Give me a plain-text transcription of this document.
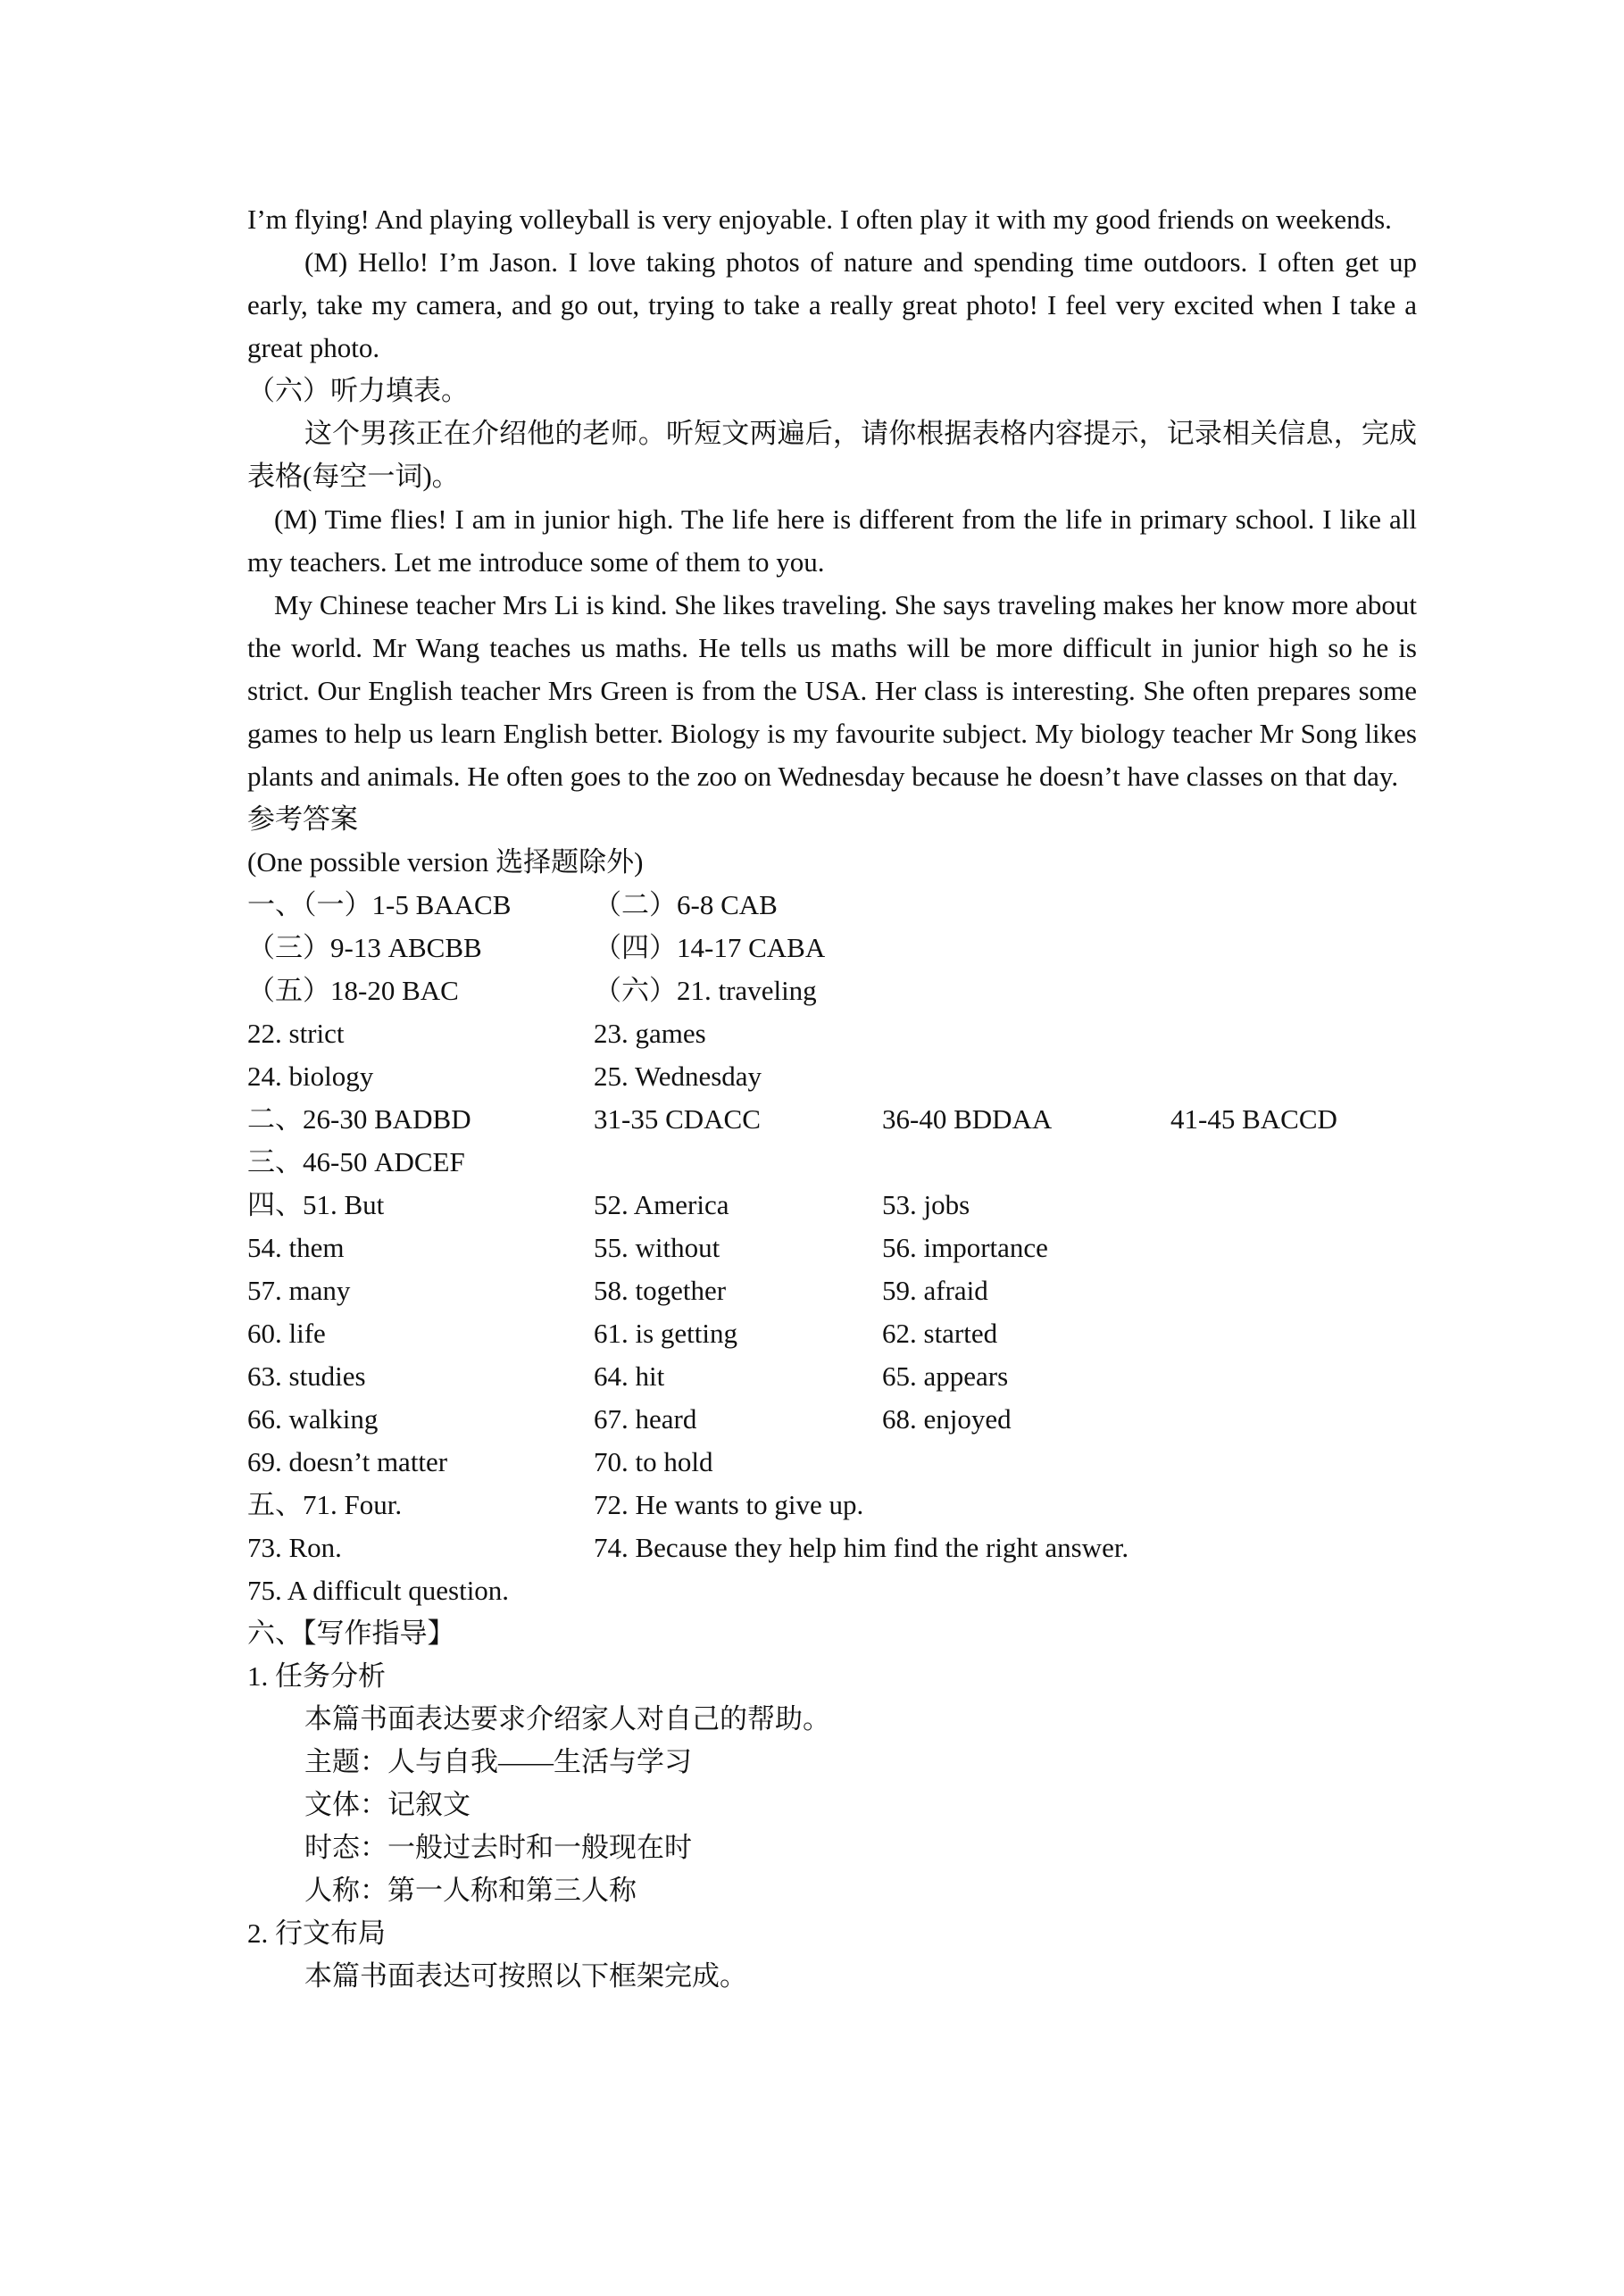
I’m flying! And playing volleyball is very enjoyable. I often play it with my good friends on weekends.

(M) Hello! I’m Jason. I love taking photos of nature and spending time outdoors. I often get up early, take my camera, and go out, trying to take a really great photo! I feel very excited when I take a great photo.

（六）听力填表。

这个男孩正在介绍他的老师。听短文两遍后，请你根据表格内容提示，记录相关信息，完成表格(每空一词)。

(M) Time flies! I am in junior high. The life here is different from the life in primary school. I like all my teachers. Let me introduce some of them to you.

My Chinese teacher Mrs Li is kind. She likes traveling. She says traveling makes her know more about the world. Mr Wang teaches us maths. He tells us maths will be more difficult in junior high so he is strict. Our English teacher Mrs Green is from the USA. Her class is interesting. She often prepares some games to help us learn English better. Biology is my favourite subject. My biology teacher Mr Song likes plants and animals. He often goes to the zoo on Wednesday because he doesn’t have classes on that day.

参考答案

(One possible version 选择题除外)

一、（一）1-5 BAACB	（二）6-8 CAB
（三）9-13 ABCBB	（四）14-17 CABA
（五）18-20 BAC	（六）21. traveling
22. strict	23. games
24. biology	25. Wednesday
二、26-30 BADBD	31-35 CDACC	36-40 BDDAA	41-45 BACCD
三、46-50 ADCEF
四、51. But	52. America	53. jobs
54. them	55. without	56. importance
57. many	58. together	59. afraid
60. life	61. is getting	62. started
63. studies	64. hit	65. appears
66. walking	67. heard	68. enjoyed
69. doesn’t matter	70. to hold
五、71. Four.	72. He wants to give up.
73. Ron.	74. Because they help him find the right answer.
75. A difficult question.

六、【写作指导】

1. 任务分析

本篇书面表达要求介绍家人对自己的帮助。

主题：人与自我——生活与学习

文体：记叙文

时态：一般过去时和一般现在时

人称：第一人称和第三人称

2. 行文布局

本篇书面表达可按照以下框架完成。
